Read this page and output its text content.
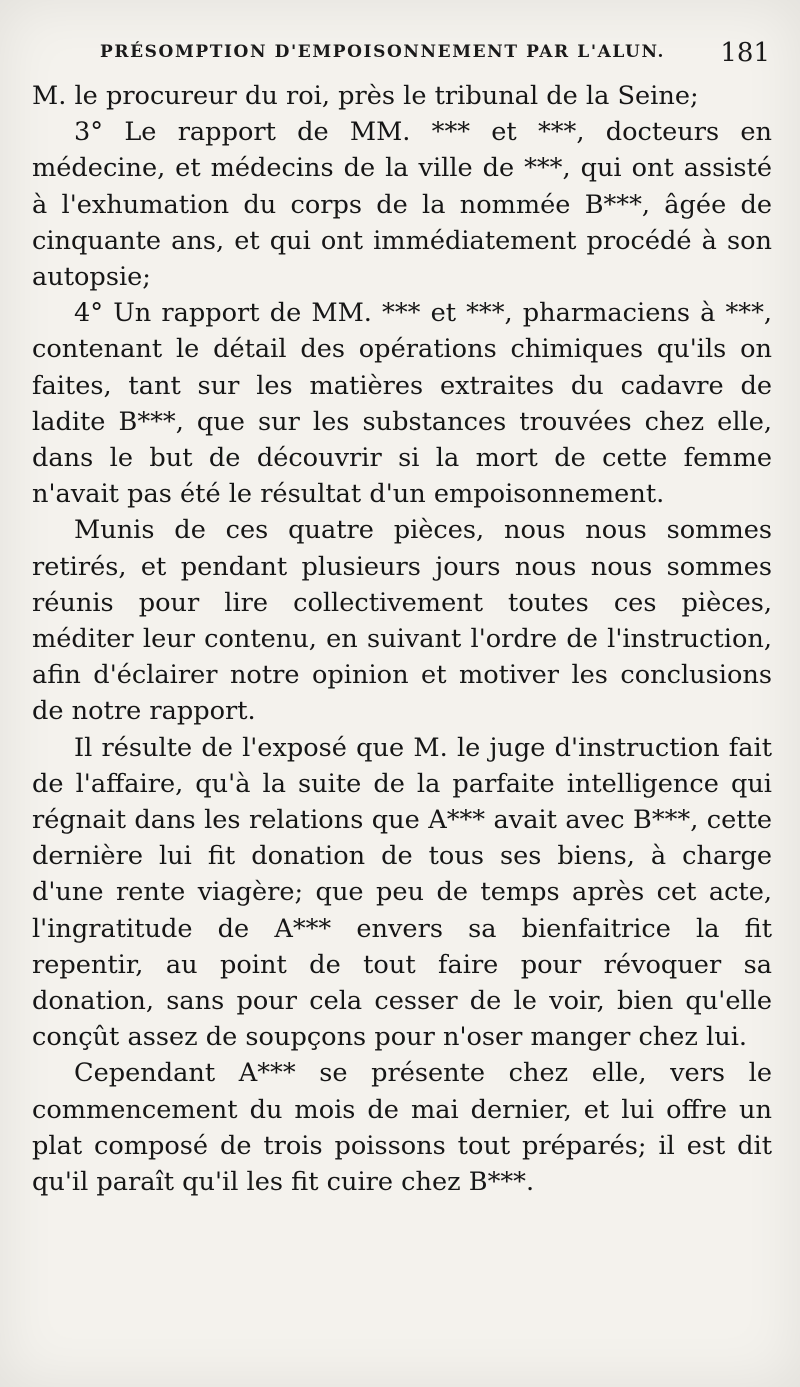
PRÉSOMPTION D'EMPOISONNEMENT PAR L'ALUN. 181

M. le procureur du roi, près le tribunal de la Seine;

3° Le rapport de MM. *** et ***, docteurs en médecine, et médecins de la ville de ***, qui ont assisté à l'exhumation du corps de la nommée B***, âgée de cinquante ans, et qui ont immédiatement procédé à son autopsie;

4° Un rapport de MM. *** et ***, pharmaciens à ***, contenant le détail des opérations chimiques qu'ils on faites, tant sur les matières extraites du cadavre de ladite B***, que sur les substances trouvées chez elle, dans le but de découvrir si la mort de cette femme n'avait pas été le résultat d'un empoisonnement.

Munis de ces quatre pièces, nous nous sommes retirés, et pendant plusieurs jours nous nous sommes réunis pour lire collectivement toutes ces pièces, méditer leur contenu, en suivant l'ordre de l'instruction, afin d'éclairer notre opinion et motiver les conclusions de notre rapport.

Il résulte de l'exposé que M. le juge d'instruction fait de l'affaire, qu'à la suite de la parfaite intelligence qui régnait dans les relations que A*** avait avec B***, cette dernière lui fit donation de tous ses biens, à charge d'une rente viagère; que peu de temps après cet acte, l'ingratitude de A*** envers sa bienfaitrice la fit repentir, au point de tout faire pour révoquer sa donation, sans pour cela cesser de le voir, bien qu'elle conçût assez de soupçons pour n'oser manger chez lui.

Cependant A*** se présente chez elle, vers le commencement du mois de mai dernier, et lui offre un plat composé de trois poissons tout préparés; il est dit qu'il paraît qu'il les fit cuire chez B***.
